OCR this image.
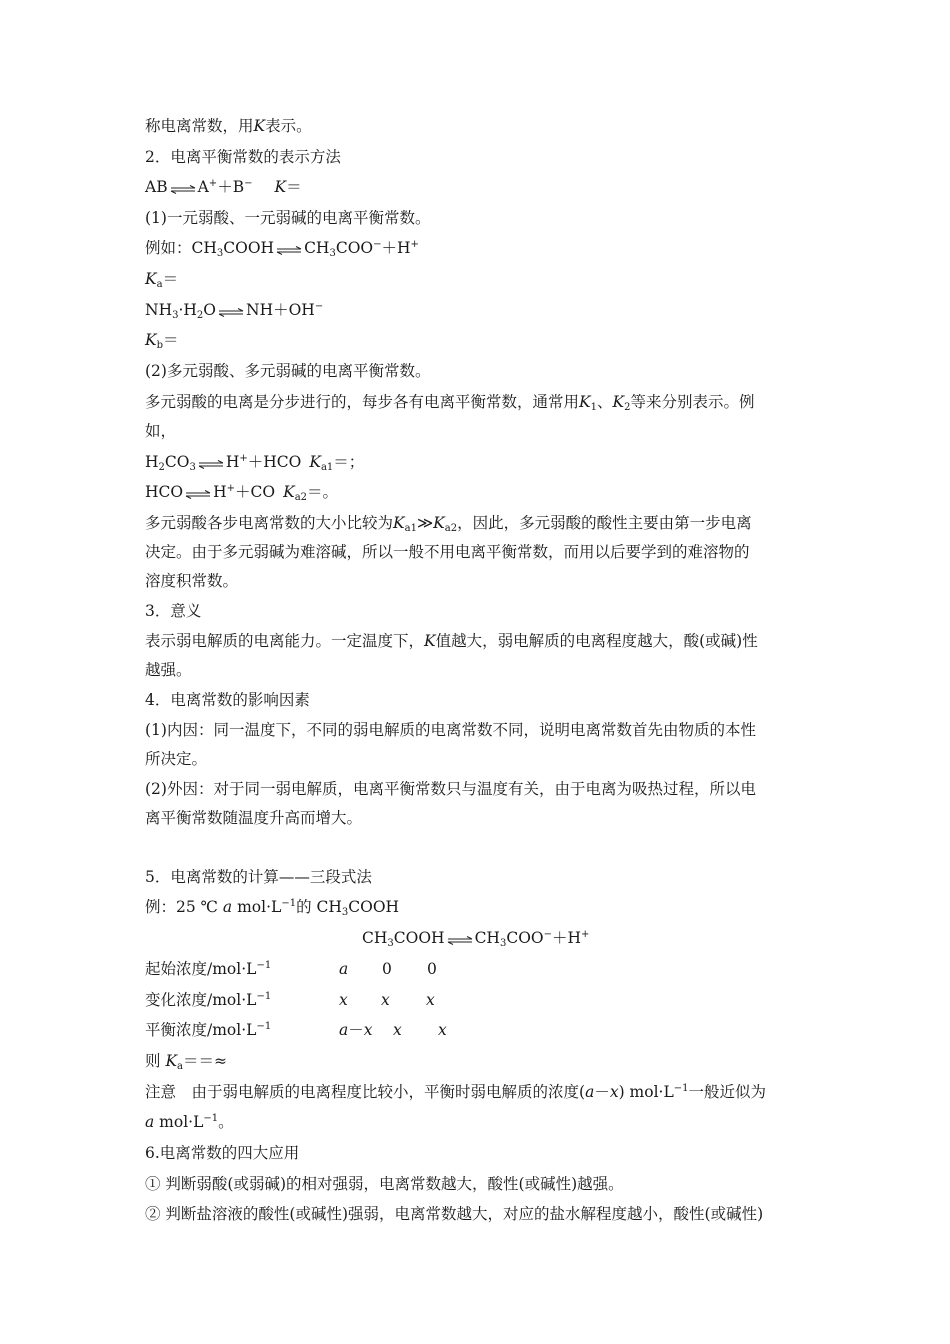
称电离常数，用K表示。
2．电离平衡常数的表示方法
AB⇌A+＋B− K＝
(1)一元弱酸、一元弱碱的电离平衡常数。
例如：$CH_3COOH\rightleftharpoons CH_3COO^-+H^+$
$K_a=$
$NH_3\cdot H_2O\rightleftharpoons NH+OH^-$
$K_b=$
(2)多元弱酸、多元弱碱的电离平衡常数。
多元弱酸的电离是分步进行的，每步各有电离平衡常数，通常用$K_1$、$K_2$等来分别表示。例
如，
$H_2CO_3\rightleftharpoons H^++HCO$ $K_{a1}=$；
HCO⇌H+＋CO $K_{a2}=$。
多元弱酸各步电离常数的大小比较为$K_{a1}≫K_{a2}$，因此，多元弱酸的酸性主要由第一步电离
决定。由于多元弱碱为难溶碱，所以一般不用电离平衡常数，而用以后要学到的难溶物的
溶度积常数。
3．意义
表示弱电解质的电离能力。一定温度下，K值越大，弱电解质的电离程度越大，酸(或碱)性
越强。
4．电离常数的影响因素
(1)内因：同一温度下，不同的弱电解质的电离常数不同，说明电离常数首先由物质的本性
所决定。
(2)外因：对于同一弱电解质，电离平衡常数只与温度有关，由于电离为吸热过程，所以电
离平衡常数随温度升高而增大。
5．电离常数的计算——三段式法
例：25 ℃ a $mol\cdot L^{-1}$的 $CH_3COOH$
$CH_3COOH\rightleftharpoons CH_3COO^-+H^+$
起始浓度$/mol\cdot L^{-1}$	a 0 0
变化浓度$/mol\cdot L^{-1}$	x x x
平衡浓度$/mol\cdot L^{-1}$	a－x x x
则 $K_a==\approx$
注意　由于弱电解质的电离程度比较小，平衡时弱电解质的浓度(a－x) $mol\cdot L^{-1}$一般近似为
a $mol\cdot L^{-1}$。
6.电离常数的四大应用
① 判断弱酸(或弱碱)的相对强弱，电离常数越大，酸性(或碱性)越强。
② 判断盐溶液的酸性(或碱性)强弱，电离常数越大，对应的盐水解程度越小，酸性(或碱性)
